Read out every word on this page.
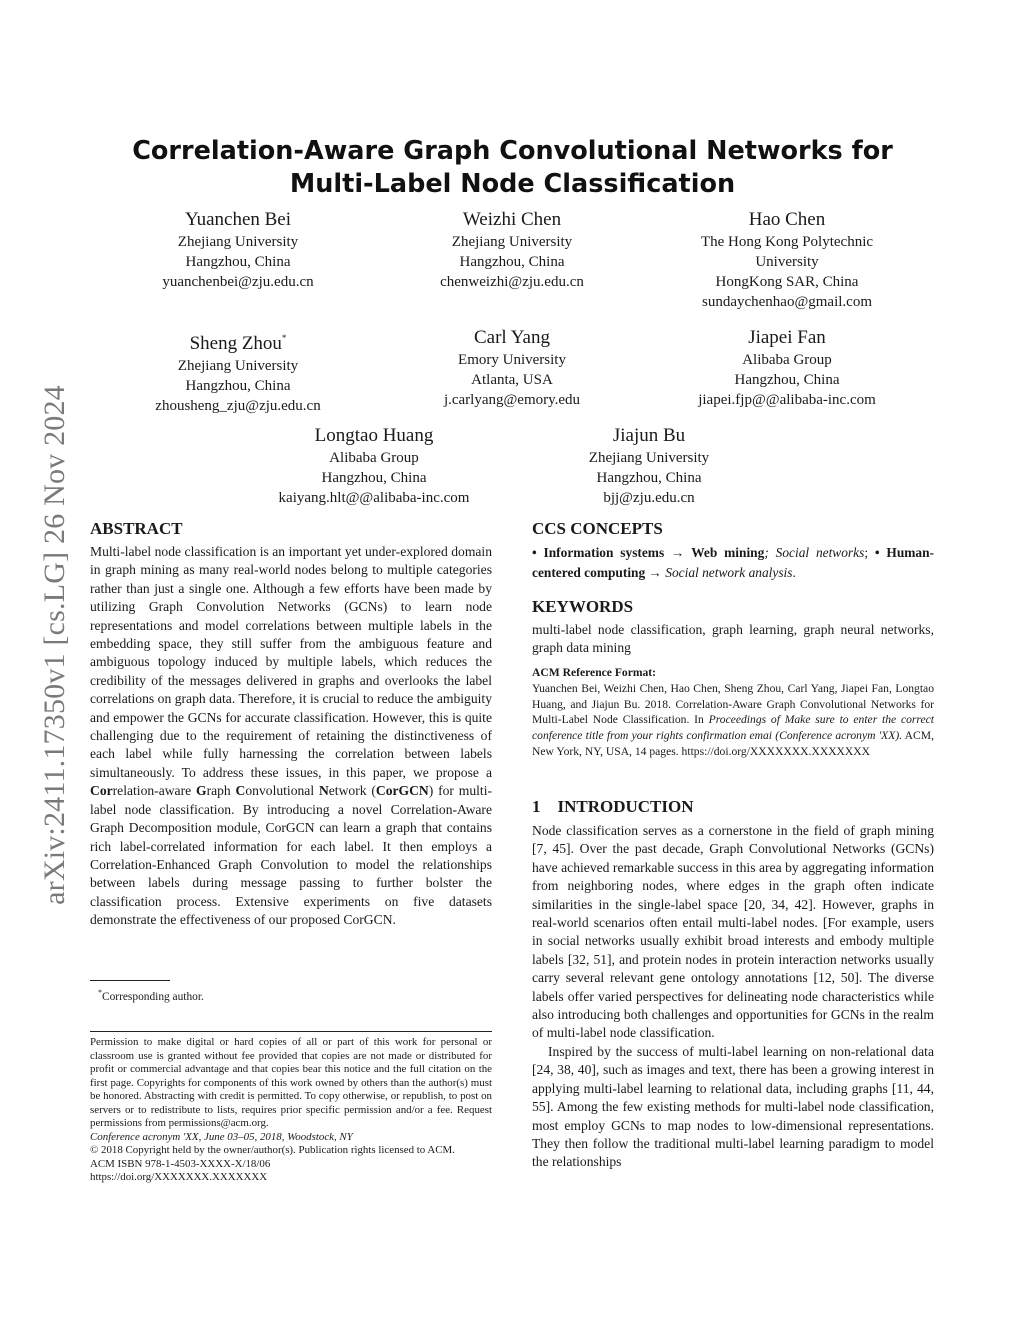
arXiv:2411.17350v1 [cs.LG] 26 Nov 2024
Correlation-Aware Graph Convolutional Networks for
Multi-Label Node Classification
Yuanchen Bei
Zhejiang University
Hangzhou, China
yuanchenbei@zju.edu.cn
Weizhi Chen
Zhejiang University
Hangzhou, China
chenweizhi@zju.edu.cn
Hao Chen
The Hong Kong Polytechnic
University
HongKong SAR, China
sundaychenhao@gmail.com
Sheng Zhou*
Zhejiang University
Hangzhou, China
zhousheng_zju@zju.edu.cn
Carl Yang
Emory University
Atlanta, USA
j.carlyang@emory.edu
Jiapei Fan
Alibaba Group
Hangzhou, China
jiapei.fjp@@alibaba-inc.com
Longtao Huang
Alibaba Group
Hangzhou, China
kaiyang.hlt@@alibaba-inc.com
Jiajun Bu
Zhejiang University
Hangzhou, China
bjj@zju.edu.cn
ABSTRACT

Multi-label node classification is an important yet under-explored domain in graph mining as many real-world nodes belong to multiple categories rather than just a single one. Although a few efforts have been made by utilizing Graph Convolution Networks (GCNs) to learn node representations and model correlations between multiple labels in the embedding space, they still suffer from the ambiguous feature and ambiguous topology induced by multiple labels, which reduces the credibility of the messages delivered in graphs and overlooks the label correlations on graph data. Therefore, it is crucial to reduce the ambiguity and empower the GCNs for accurate classification. However, this is quite challenging due to the requirement of retaining the distinctiveness of each label while fully harnessing the correlation between labels simultaneously. To address these issues, in this paper, we propose a Correlation-aware Graph Convolutional Network (CorGCN) for multi-label node classification. By introducing a novel Correlation-Aware Graph Decomposition module, CorGCN can learn a graph that contains rich label-correlated information for each label. It then employs a Correlation-Enhanced Graph Convolution to model the relationships between labels during message passing to further bolster the classification process. Extensive experiments on five datasets demonstrate the effectiveness of our proposed CorGCN.

*Corresponding author.
Permission to make digital or hard copies of all or part of this work for personal or classroom use is granted without fee provided that copies are not made or distributed for profit or commercial advantage and that copies bear this notice and the full citation on the first page. Copyrights for components of this work owned by others than the author(s) must be honored. Abstracting with credit is permitted. To copy otherwise, or republish, to post on servers or to redistribute to lists, requires prior specific permission and/or a fee. Request permissions from permissions@acm.org.
Conference acronym 'XX, June 03–05, 2018, Woodstock, NY
© 2018 Copyright held by the owner/author(s). Publication rights licensed to ACM.
ACM ISBN 978-1-4503-XXXX-X/18/06
https://doi.org/XXXXXXX.XXXXXXX
CCS CONCEPTS

• Information systems → Web mining; Social networks; • Human-centered computing → Social network analysis.

KEYWORDS

multi-label node classification, graph learning, graph neural networks, graph data mining

ACM Reference Format:
Yuanchen Bei, Weizhi Chen, Hao Chen, Sheng Zhou, Carl Yang, Jiapei Fan, Longtao Huang, and Jiajun Bu. 2018. Correlation-Aware Graph Convolutional Networks for Multi-Label Node Classification. In Proceedings of Make sure to enter the correct conference title from your rights confirmation emai (Conference acronym 'XX). ACM, New York, NY, USA, 14 pages. https://doi.org/XXXXXXX.XXXXXXX
1    INTRODUCTION

Node classification serves as a cornerstone in the field of graph mining [7, 45]. Over the past decade, Graph Convolutional Networks (GCNs) have achieved remarkable success in this area by aggregating information from neighboring nodes, where edges in the graph often indicate similarities in the single-label space [20, 34, 42]. However, graphs in real-world scenarios often entail multi-label nodes. [For example, users in social networks usually exhibit broad interests and embody multiple labels [32, 51], and protein nodes in protein interaction networks usually carry several relevant gene ontology annotations [12, 50]. The diverse labels offer varied perspectives for delineating node characteristics while also introducing both challenges and opportunities for GCNs in the realm of multi-label node classification.

Inspired by the success of multi-label learning on non-relational data [24, 38, 40], such as images and text, there has been a growing interest in applying multi-label learning to relational data, including graphs [11, 44, 55]. Among the few existing methods for multi-label node classification, most employ GCNs to map nodes to low-dimensional representations. They then follow the traditional multi-label learning paradigm to model the relationships
